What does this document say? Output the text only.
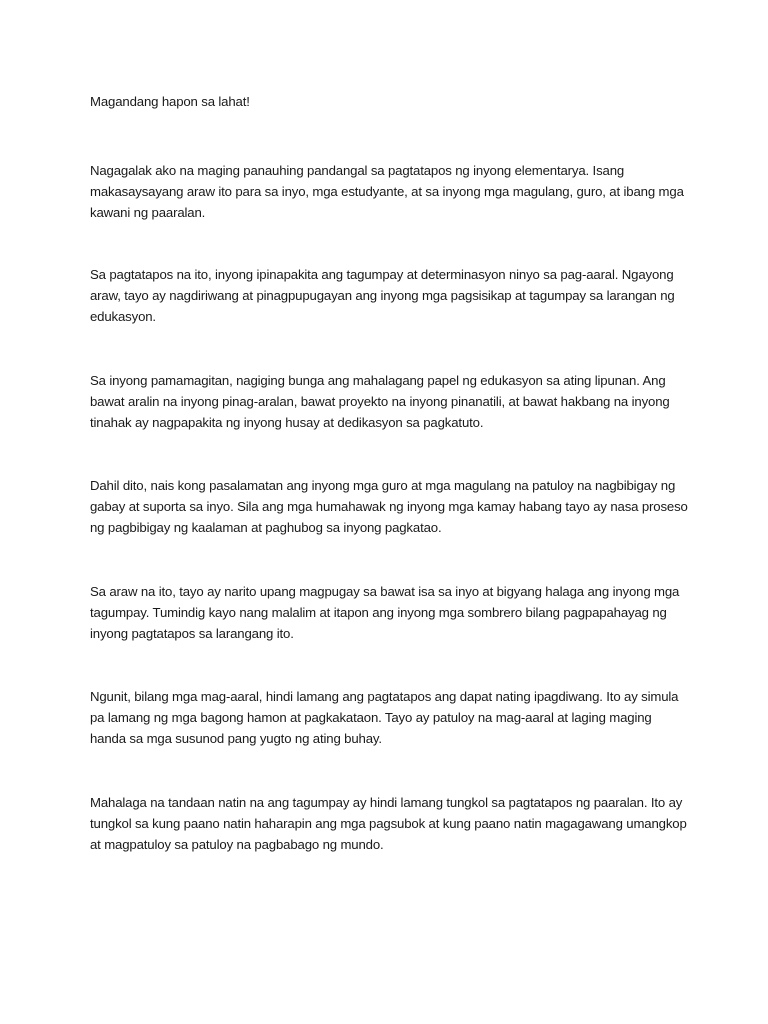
Magandang hapon sa lahat!
Nagagalak ako na maging panauhing pandangal sa pagtatapos ng inyong elementarya. Isang makasaysayang araw ito para sa inyo, mga estudyante, at sa inyong mga magulang, guro, at ibang mga kawani ng paaralan.
Sa pagtatapos na ito, inyong ipinapakita ang tagumpay at determinasyon ninyo sa pag-aaral. Ngayong araw, tayo ay nagdiriwang at pinagpupugayan ang inyong mga pagsisikap at tagumpay sa larangan ng edukasyon.
Sa inyong pamamagitan, nagiging bunga ang mahalagang papel ng edukasyon sa ating lipunan. Ang bawat aralin na inyong pinag-aralan, bawat proyekto na inyong pinanatili, at bawat hakbang na inyong tinahak ay nagpapakita ng inyong husay at dedikasyon sa pagkatuto.
Dahil dito, nais kong pasalamatan ang inyong mga guro at mga magulang na patuloy na nagbibigay ng gabay at suporta sa inyo. Sila ang mga humahawak ng inyong mga kamay habang tayo ay nasa proseso ng pagbibigay ng kaalaman at paghubog sa inyong pagkatao.
Sa araw na ito, tayo ay narito upang magpugay sa bawat isa sa inyo at bigyang halaga ang inyong mga tagumpay. Tumindig kayo nang malalim at itapon ang inyong mga sombrero bilang pagpapahayag ng inyong pagtatapos sa larangang ito.
Ngunit, bilang mga mag-aaral, hindi lamang ang pagtatapos ang dapat nating ipagdiwang. Ito ay simula pa lamang ng mga bagong hamon at pagkakataon. Tayo ay patuloy na mag-aaral at laging maging handa sa mga susunod pang yugto ng ating buhay.
Mahalaga na tandaan natin na ang tagumpay ay hindi lamang tungkol sa pagtatapos ng paaralan. Ito ay tungkol sa kung paano natin haharapin ang mga pagsubok at kung paano natin magagawang umangkop at magpatuloy sa patuloy na pagbabago ng mundo.
